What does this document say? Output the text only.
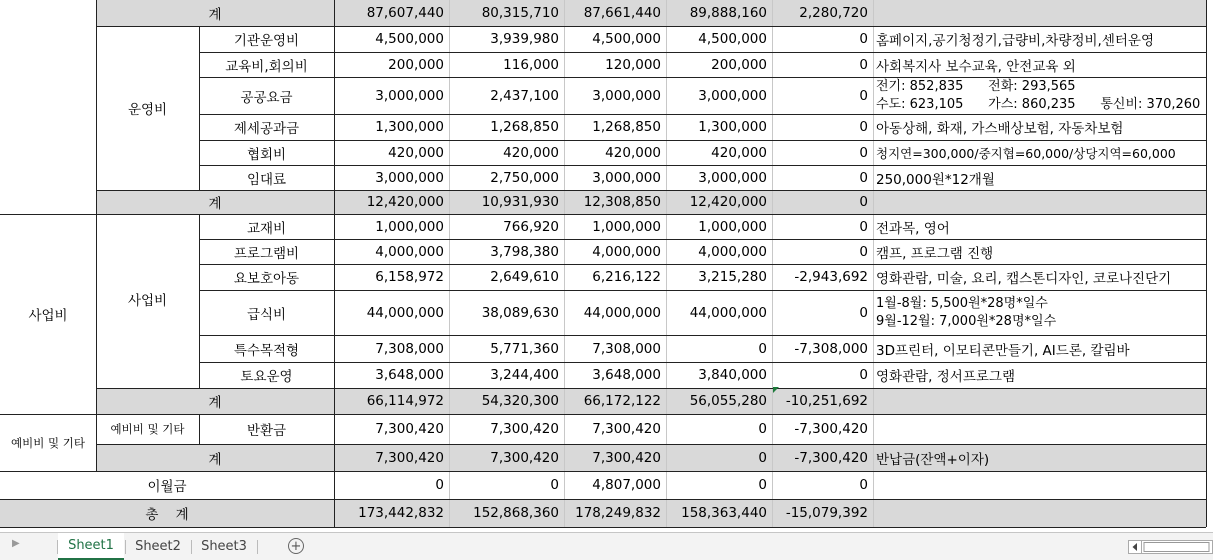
계	87,607,440	80,315,710	87,661,440	89,888,160	2,280,720
운영비
기관운영비	4,500,000	3,939,980	4,500,000	4,500,000	0 홈페이지,공기청정기,급량비,차량정비,센터운영
교육비,회의비	200,000	116,000	120,000	200,000	0 사회복지사 보수교육, 안전교육 외
공공요금	3,000,000	2,437,100	3,000,000	3,000,000	0
전기: 852,835      전화: 293,565
수도: 623,105      가스: 860,235      통신비: 370,260
제세공과금	1,300,000	1,268,850	1,268,850	1,300,000	0 아동상해, 화재, 가스배상보험, 자동차보험
협회비	420,000	420,000	420,000	420,000	0 청지연=300,000/중지협=60,000/상당지역=60,000
임대료	3,000,000	2,750,000	3,000,000	3,000,000	0 250,000원*12개월
계	12,420,000	10,931,930	12,308,850	12,420,000	0
사업비
사업비
교재비	1,000,000	766,920	1,000,000	1,000,000	0 전과목, 영어
프로그램비	4,000,000	3,798,380	4,000,000	4,000,000	0 캠프, 프로그램 진행
요보호아동	6,158,972	2,649,610	6,216,122	3,215,280	-2,943,692 영화관람, 미술, 요리, 캡스톤디자인, 코로나진단기
급식비	44,000,000	38,089,630	44,000,000	44,000,000	0
1월-8월: 5,500원*28명*일수
9월-12월: 7,000원*28명*일수
특수목적형	7,308,000	5,771,360	7,308,000	0	-7,308,000 3D프린터, 이모티콘만들기, AI드론, 칼림바
토요운영	3,648,000	3,244,400	3,648,000	3,840,000	0 영화관람, 정서프로그램
계	66,114,972	54,320,300	66,172,122	56,055,280	-10,251,692
예비비 및 기타
예비비 및 기타	반환금	7,300,420	7,300,420	7,300,420	0	-7,300,420
계	7,300,420	7,300,420	7,300,420	0	-7,300,420 반납금(잔액+이자)
이월금	0	0	4,807,000	0	0
총    계	173,442,832	152,868,360	178,249,832	158,363,440	-15,079,392
▶	Sheet1	Sheet2	Sheet3	+
